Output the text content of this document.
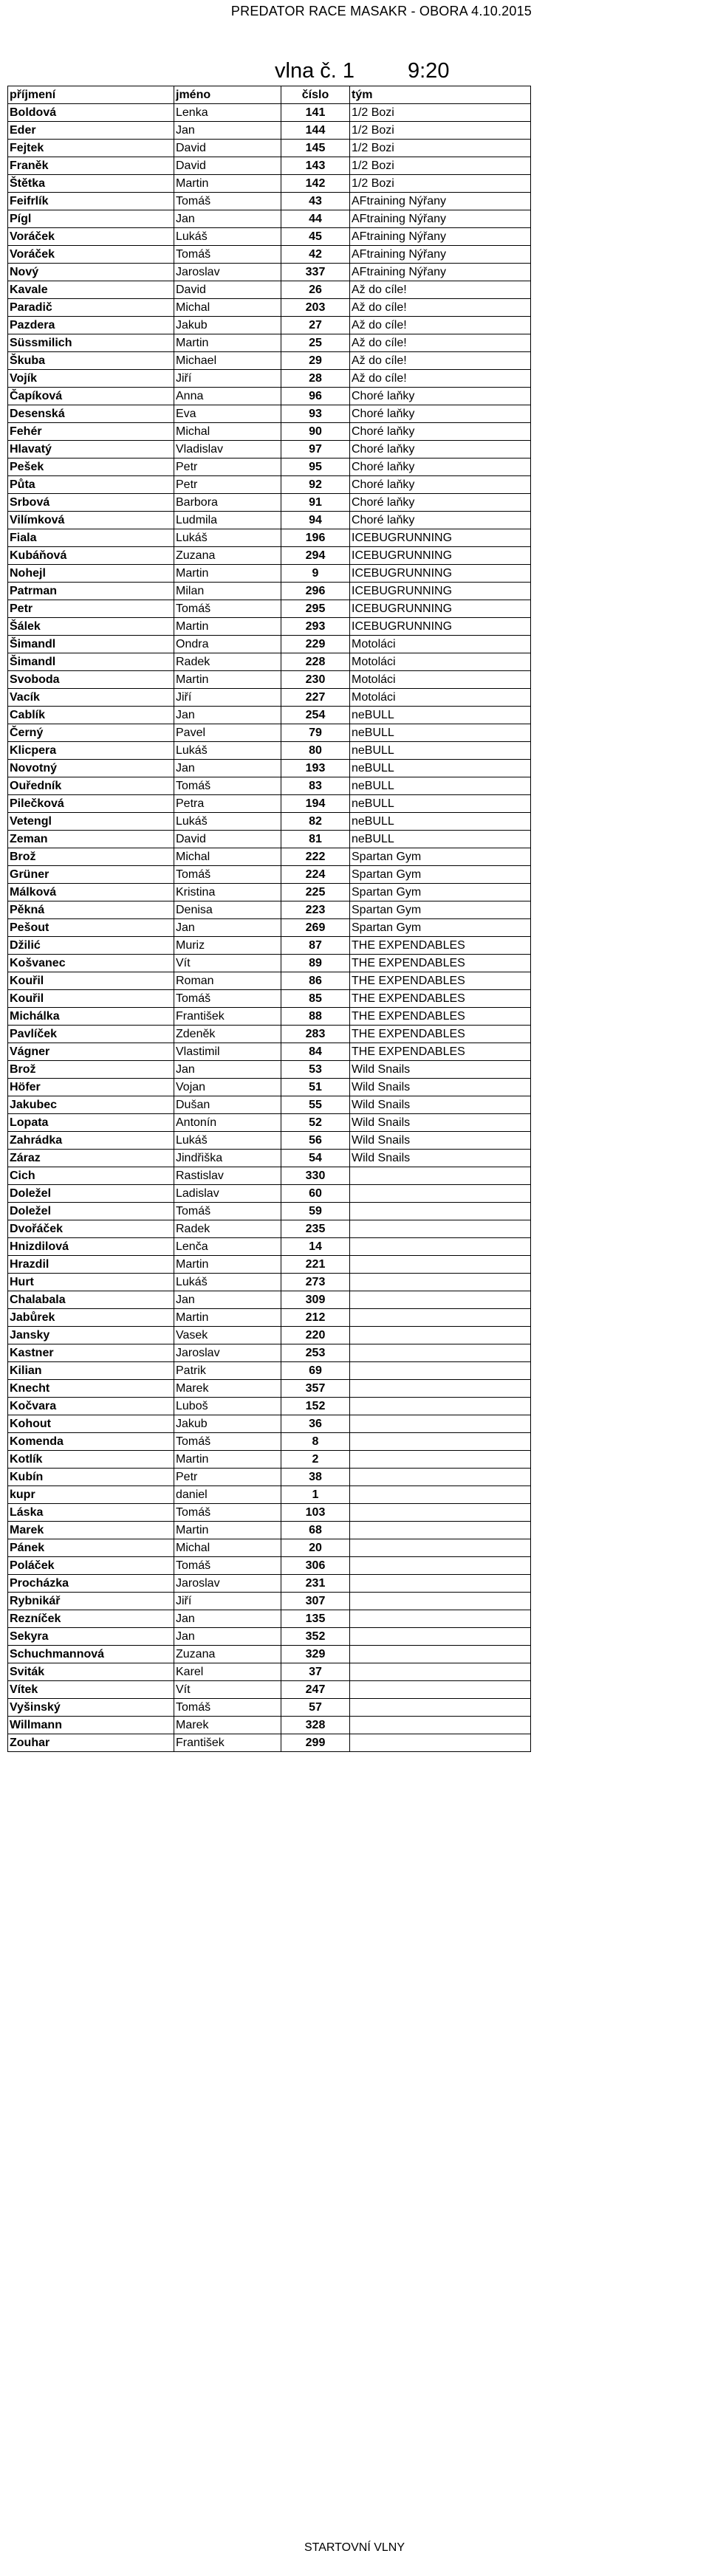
PREDATOR RACE MASAKR - OBORA 4.10.2015
vlna č. 1 9:20
příjmení	jméno	číslo	tým
Boldová	Lenka	141	1/2 Bozi
Eder	Jan	144	1/2 Bozi
Fejtek	David	145	1/2 Bozi
Franěk	David	143	1/2 Bozi
Štětka	Martin	142	1/2 Bozi
Feifrlík	Tomáš	43	AFtraining Nýřany
Pígl	Jan	44	AFtraining Nýřany
Voráček	Lukáš	45	AFtraining Nýřany
Voráček	Tomáš	42	AFtraining Nýřany
Nový	Jaroslav	337	AFtraining Nýřany
Kavale	David	26	Až do cíle!
Paradič	Michal	203	Až do cíle!
Pazdera	Jakub	27	Až do cíle!
Süssmilich	Martin	25	Až do cíle!
Škuba	Michael	29	Až do cíle!
Vojík	Jiří	28	Až do cíle!
Čapíková	Anna	96	Choré laňky
Desenská	Eva	93	Choré laňky
Fehér	Michal	90	Choré laňky
Hlavatý	Vladislav	97	Choré laňky
Pešek	Petr	95	Choré laňky
Půta	Petr	92	Choré laňky
Srbová	Barbora	91	Choré laňky
Vilímková	Ludmila	94	Choré laňky
Fiala	Lukáš	196	ICEBUGRUNNING
Kubáňová	Zuzana	294	ICEBUGRUNNING
Nohejl	Martin	9	ICEBUGRUNNING
Patrman	Milan	296	ICEBUGRUNNING
Petr	Tomáš	295	ICEBUGRUNNING
Šálek	Martin	293	ICEBUGRUNNING
Šimandl	Ondra	229	Motoláci
Šimandl	Radek	228	Motoláci
Svoboda	Martin	230	Motoláci
Vacík	Jiří	227	Motoláci
Cablík	Jan	254	neBULL
Černý	Pavel	79	neBULL
Klicpera	Lukáš	80	neBULL
Novotný	Jan	193	neBULL
Ouředník	Tomáš	83	neBULL
Pilečková	Petra	194	neBULL
Vetengl	Lukáš	82	neBULL
Zeman	David	81	neBULL
Brož	Michal	222	Spartan Gym
Grüner	Tomáš	224	Spartan Gym
Málková	Kristina	225	Spartan Gym
Pěkná	Denisa	223	Spartan Gym
Pešout	Jan	269	Spartan Gym
Džilić	Muriz	87	THE EXPENDABLES
Košvanec	Vít	89	THE EXPENDABLES
Kouřil	Roman	86	THE EXPENDABLES
Kouřil	Tomáš	85	THE EXPENDABLES
Michálka	František	88	THE EXPENDABLES
Pavlíček	Zdeněk	283	THE EXPENDABLES
Vágner	Vlastimil	84	THE EXPENDABLES
Brož	Jan	53	Wild Snails
Höfer	Vojan	51	Wild Snails
Jakubec	Dušan	55	Wild Snails
Lopata	Antonín	52	Wild Snails
Zahrádka	Lukáš	56	Wild Snails
Záraz	Jindřiška	54	Wild Snails
Cich	Rastislav	330	
Doležel	Ladislav	60	
Doležel	Tomáš	59	
Dvořáček	Radek	235	
Hnizdilová	Lenča	14	
Hrazdil	Martin	221	
Hurt	Lukáš	273	
Chalabala	Jan	309	
Jabůrek	Martin	212	
Jansky	Vasek	220	
Kastner	Jaroslav	253	
Kilian	Patrik	69	
Knecht	Marek	357	
Kočvara	Luboš	152	
Kohout	Jakub	36	
Komenda	Tomáš	8	
Kotlík	Martin	2	
Kubín	Petr	38	
kupr	daniel	1	
Láska	Tomáš	103	
Marek	Martin	68	
Pánek	Michal	20	
Poláček	Tomáš	306	
Procházka	Jaroslav	231	
Rybnikář	Jiří	307	
Rezníček	Jan	135	
Sekyra	Jan	352	
Schuchmannová	Zuzana	329	
Sviták	Karel	37	
Vítek	Vít	247	
Vyšinský	Tomáš	57	
Willmann	Marek	328	
Zouhar	František	299	
STARTOVNÍ VLNY
